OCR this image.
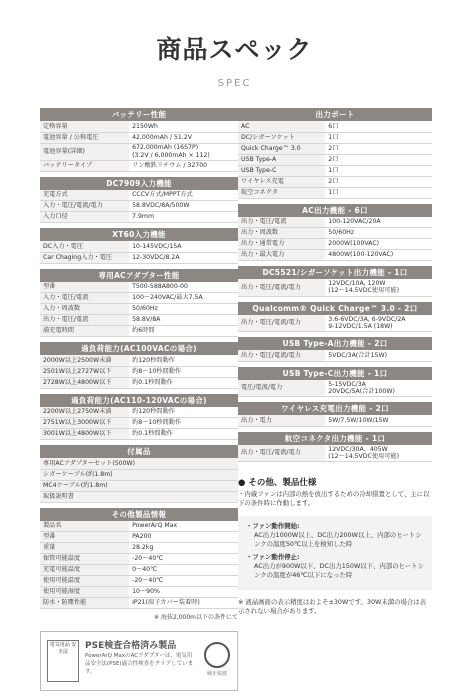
商品スペック
SPEC
バッテリー性能
定格容量	2150Wh
電池容量 / 公称電圧	42,000mAh / 51.2V
電池容量(詳細)	672,000mAh (16S7P)
(3.2V / 6,000mAh × 112)
バッテリータイプ	リン酸鉄リチウム / 32700
DC7909入力機能
充電方式	CCCV方式/MPPT方式
入力・電圧/電流/電力	58.8VDC/8A/500W
入力口径	7.9mm
XT60入力機能
DC入力・電圧	10-145VDC/15A
Car Chaging入力・電圧	12-30VDC/8.2A
専用ACアダプター性能
型番	T500-588A800-00
入力・電圧/電流	100〜240VAC/最大7.5A
入力・周波数	50/60Hz
出力・電圧/電流	58.8V/8A
満充電時間	約6時間
過負荷能力(AC100VACの場合)
2000W以上2500W未満	約120秒間動作
2501W以上2727W以下	約8〜10秒間動作
2728W以上4800W以下	約0.1秒間動作
過負荷能力(AC110-120VACの場合)
2200W以上2750W未満	約120秒間動作
2751W以上3000W以下	約8〜10秒間動作
3001W以上4800W以下	約0.1秒間動作
付属品
専用ACアダプターセット(500W)
シガーケーブル(約1.8m)
MC4ケーブル(約1.8m)
取扱説明書
その他製品情報
製品名	PowerArQ Max
型番	PA200
重量	28.2kg
保管可能温度	-20〜40℃
充電可能温度	0〜40℃
使用可能温度	-20〜40℃
使用可能湿度	10〜90%
防水・防塵性能	IP21(端子カバー装着時)
※ 海抜2,000m以下の条件にて
電気用品 安全法
PSE検査合格済み製品
PowerArQ MaxのACアダプターは、電気用品安全法(PSE)適合性検査をクリアしています。	純正弦波
出力ポート
AC	6口
DC/シガーソケット	1口
Quick Charge™ 3.0	2口
USB Type-A	2口
USB Type-C	1口
ワイヤレス充電	2口
航空コネクタ	1口
AC出力機能 - 6口
出力・電圧/電流	100-120VAC/20A
出力・周波数	50/60Hz
出力・通常電力	2000W(100VAC)
出力・最大電力	4800W(100-120VAC)
DC5521/シガーソケット出力機能 - 1口
出力・電圧/電流/電力	12VDC/10A, 120W
(12〜14.5VDC使用可能)
Qualcomm® Quick Charge™ 3.0 - 2口
出力・電圧/電流/電力	3.6-6VDC/3A, 6-9VDC/2A
9-12VDC/1.5A (18W)
USB Type-A出力機能 - 2口
出力・電圧/電流/電力	5VDC/3A(合計15W)
USB Type-C出力機能 - 1口
電圧/電流/電力	5-15VDC/3A
20VDC/5A(合計100W)
ワイヤレス充電出力機能 - 2口
出力・電力	5W/7.5W/10W/15W
航空コネクタ出力機能 - 1口
出力・電圧/電流/電力	12VDC/30A、405W
(12〜14.5VDC使用可能)
● その他、製品仕様
・内蔵ファンは内部の熱を放出するための冷却措置として、主に以下の条件時に作動します。
・ファン動作開始:
AC出力1000W以上、DC出力200W以上、内部のヒートシンクの温度50℃以上を検知した時
・ファン動作停止:
AC出力が900W以下、DC出力150W以下、内部のヒートシンクの温度が46℃以下になった時
※ 液晶画面の表示精度はおよそ±30Wです。30W未満の場合は表示されない場合があります。
